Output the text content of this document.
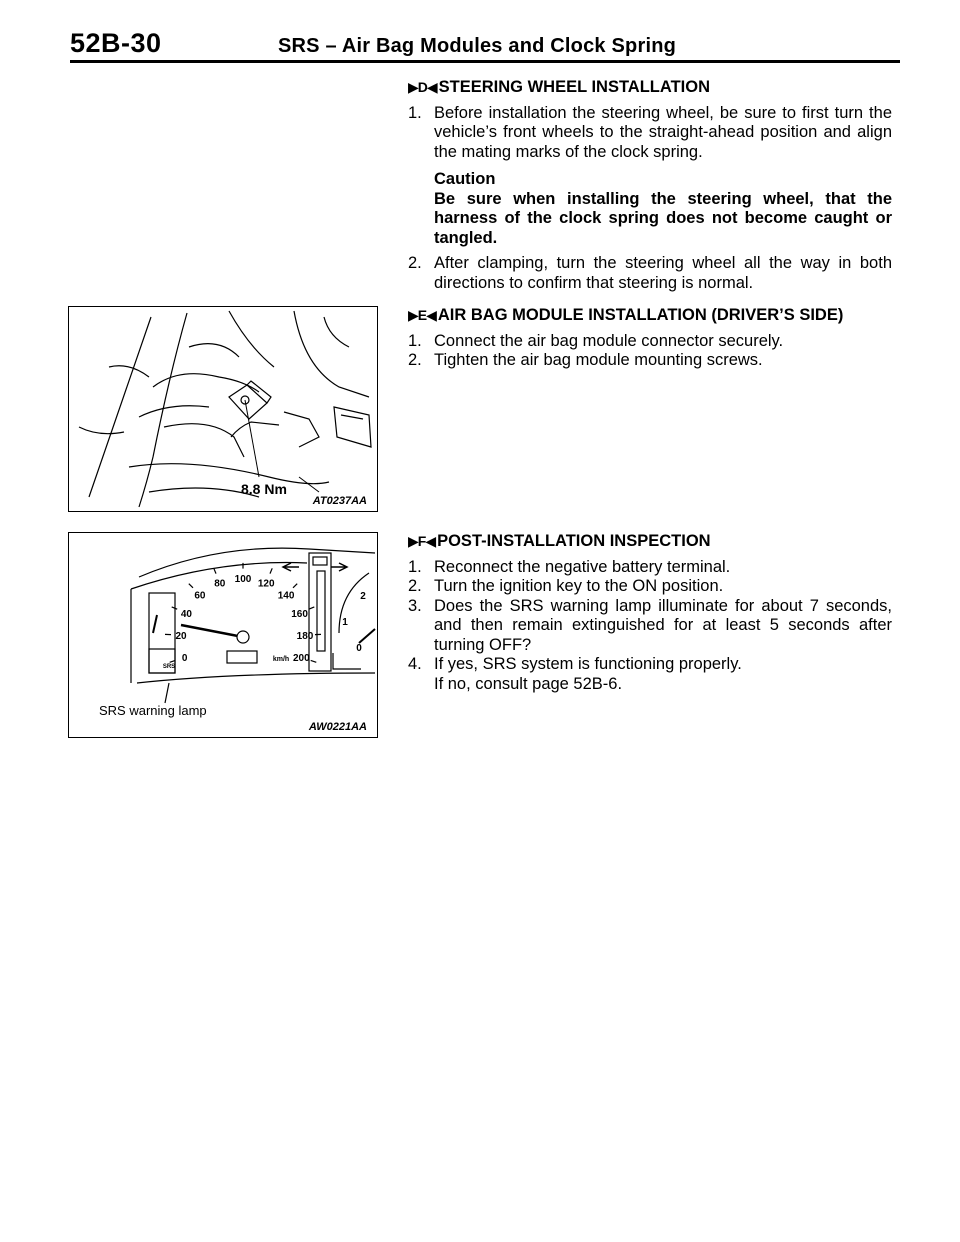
52B-30	SRS – Air Bag Modules and Clock Spring
▶D◀ STEERING WHEEL INSTALLATION
1. Before installation the steering wheel, be sure to first turn the vehicle’s front wheels to the straight-ahead position and align the mating marks of the clock spring.
Caution
Be sure when installing the steering wheel, that the harness of the clock spring does not become caught or tangled.
2. After clamping, turn the steering wheel all the way in both directions to confirm that steering is normal.
▶E◀ AIR BAG MODULE INSTALLATION (DRIVER’S SIDE)
1. Connect the air bag module connector securely.
2. Tighten the air bag module mounting screws.
▶F◀ POST-INSTALLATION INSPECTION
1. Reconnect the negative battery terminal.
2. Turn the ignition key to the ON position.
3. Does the SRS warning lamp illuminate for about 7 seconds, and then remain extinguished for at least 5 seconds after turning OFF?
4. If yes, SRS system is functioning properly.
If no, consult page 52B-6.
8.8 Nm
AT0237AA
0
20
40
60
80 100 120
140
160
180
200
km/h
0
1
2
SRS
SRS warning lamp
AW0221AA
